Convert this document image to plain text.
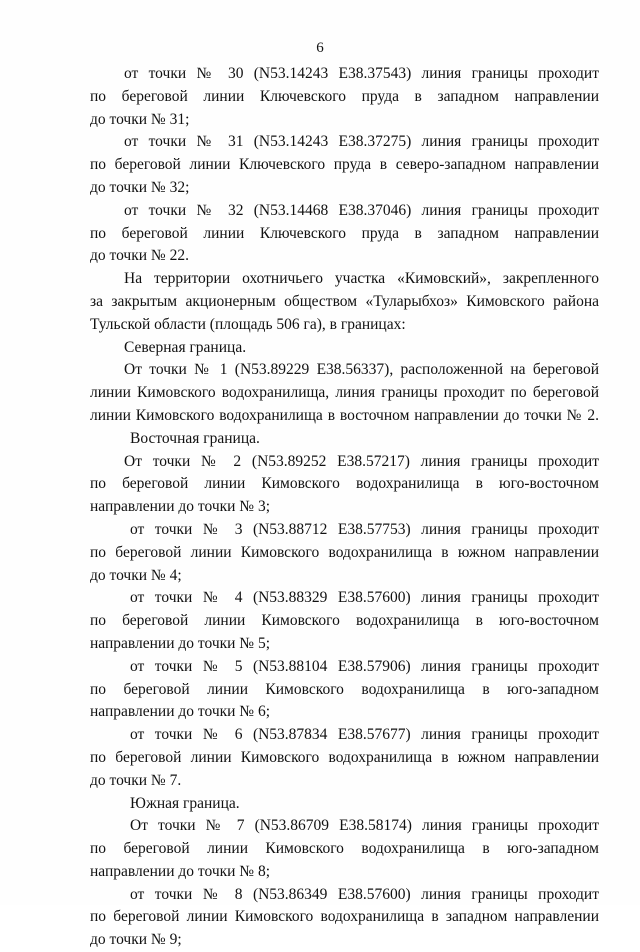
6
от точки № 30 (N53.14243 E38.37543) линия границы проходит
по береговой линии Ключевского пруда в западном направлении
до точки № 31;
от точки № 31 (N53.14243 E38.37275) линия границы проходит
по береговой линии Ключевского пруда в северо-западном направлении
до точки № 32;
от точки № 32 (N53.14468 E38.37046) линия границы проходит
по береговой линии Ключевского пруда в западном направлении
до точки № 22.
На территории охотничьего участка «Кимовский», закрепленного
за закрытым акционерным обществом «Туларыбхоз» Кимовского района
Тульской области (площадь 506 га), в границах:
Северная граница.
От точки № 1 (N53.89229 E38.56337), расположенной на береговой
линии Кимовского водохранилища, линия границы проходит по береговой
линии Кимовского водохранилища в восточном направлении до точки № 2.
Восточная граница.
От точки № 2 (N53.89252 E38.57217) линия границы проходит
по береговой линии Кимовского водохранилища в юго-восточном
направлении до точки № 3;
от точки № 3 (N53.88712 E38.57753) линия границы проходит
по береговой линии Кимовского водохранилища в южном направлении
до точки № 4;
от точки № 4 (N53.88329 E38.57600) линия границы проходит
по береговой линии Кимовского водохранилища в юго-восточном
направлении до точки № 5;
от точки № 5 (N53.88104 E38.57906) линия границы проходит
по береговой линии Кимовского водохранилища в юго-западном
направлении до точки № 6;
от точки № 6 (N53.87834 E38.57677) линия границы проходит
по береговой линии Кимовского водохранилища в южном направлении
до точки № 7.
Южная граница.
От точки № 7 (N53.86709 E38.58174) линия границы проходит
по береговой линии Кимовского водохранилища в юго-западном
направлении до точки № 8;
от точки № 8 (N53.86349 E38.57600) линия границы проходит
по береговой линии Кимовского водохранилища в западном направлении
до точки № 9;
